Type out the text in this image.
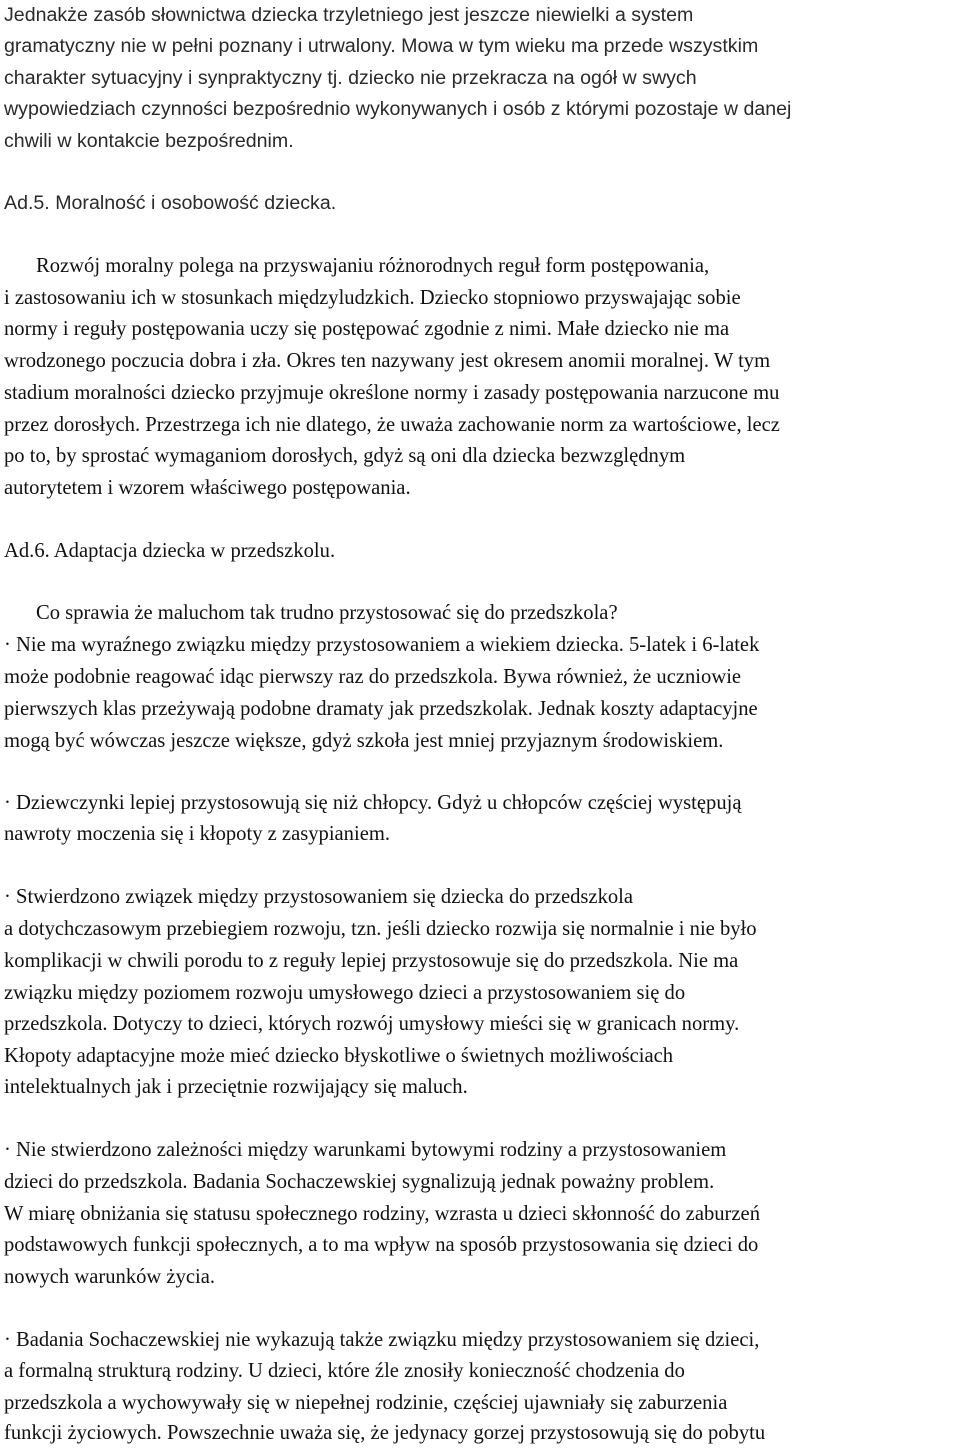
Jednakże zasób słownictwa dziecka trzyletniego jest jeszcze niewielki a system
gramatyczny nie w pełni poznany i utrwalony. Mowa w tym wieku ma przede wszystkim
charakter sytuacyjny i synpraktyczny tj. dziecko nie przekracza na ogół w swych
wypowiedziach czynności bezpośrednio wykonywanych i osób z którymi pozostaje w danej
chwili w kontakcie bezpośrednim.
Ad.5. Moralność i osobowość dziecka.
Rozwój moralny polega na przyswajaniu różnorodnych reguł form postępowania,
i zastosowaniu ich w stosunkach międzyludzkich. Dziecko stopniowo przyswajając sobie
normy i reguły postępowania uczy się postępować zgodnie z nimi. Małe dziecko nie ma
wrodzonego poczucia dobra i zła. Okres ten nazywany jest okresem anomii moralnej. W tym
stadium moralności dziecko przyjmuje określone normy i zasady postępowania narzucone mu
przez dorosłych. Przestrzega ich nie dlatego, że uważa zachowanie norm za wartościowe, lecz
po to, by sprostać wymaganiom dorosłych, gdyż są oni dla dziecka bezwzględnym
autorytetem i wzorem właściwego postępowania.
Ad.6. Adaptacja dziecka w przedszkolu.
Co sprawia że maluchom tak trudno przystosować się do przedszkola?
· Nie ma wyraźnego związku między przystosowaniem a wiekiem dziecka. 5-latek i 6-latek
może podobnie reagować idąc pierwszy raz do przedszkola. Bywa również, że uczniowie
pierwszych klas przeżywają podobne dramaty jak przedszkolak. Jednak koszty adaptacyjne
mogą być wówczas jeszcze większe, gdyż szkoła jest mniej przyjaznym środowiskiem.
· Dziewczynki lepiej przystosowują się niż chłopcy. Gdyż u chłopców częściej występują
nawroty moczenia się i kłopoty z zasypianiem.
· Stwierdzono związek między przystosowaniem się dziecka do przedszkola
a dotychczasowym przebiegiem rozwoju, tzn. jeśli dziecko rozwija się normalnie i nie było
komplikacji w chwili porodu to z reguły lepiej przystosowuje się do przedszkola. Nie ma
związku między poziomem rozwoju umysłowego dzieci a przystosowaniem się do
przedszkola. Dotyczy to dzieci, których rozwój umysłowy mieści się w granicach normy.
Kłopoty adaptacyjne może mieć dziecko błyskotliwe o świetnych możliwościach
intelektualnych jak i przeciętnie rozwijający się maluch.
· Nie stwierdzono zależności między warunkami bytowymi rodziny a przystosowaniem
dzieci do przedszkola. Badania Sochaczewskiej sygnalizują jednak poważny problem.
W miarę obniżania się statusu społecznego rodziny, wzrasta u dzieci skłonność do zaburzeń
podstawowych funkcji społecznych, a to ma wpływ na sposób przystosowania się dzieci do
nowych warunków życia.
· Badania Sochaczewskiej nie wykazują także związku między przystosowaniem się dzieci,
a formalną strukturą rodziny. U dzieci, które źle znosiły konieczność chodzenia do
przedszkola a wychowywały się w niepełnej rodzinie, częściej ujawniały się zaburzenia
funkcji życiowych. Powszechnie uważa się, że jedynacy gorzej przystosowują się do pobytu
